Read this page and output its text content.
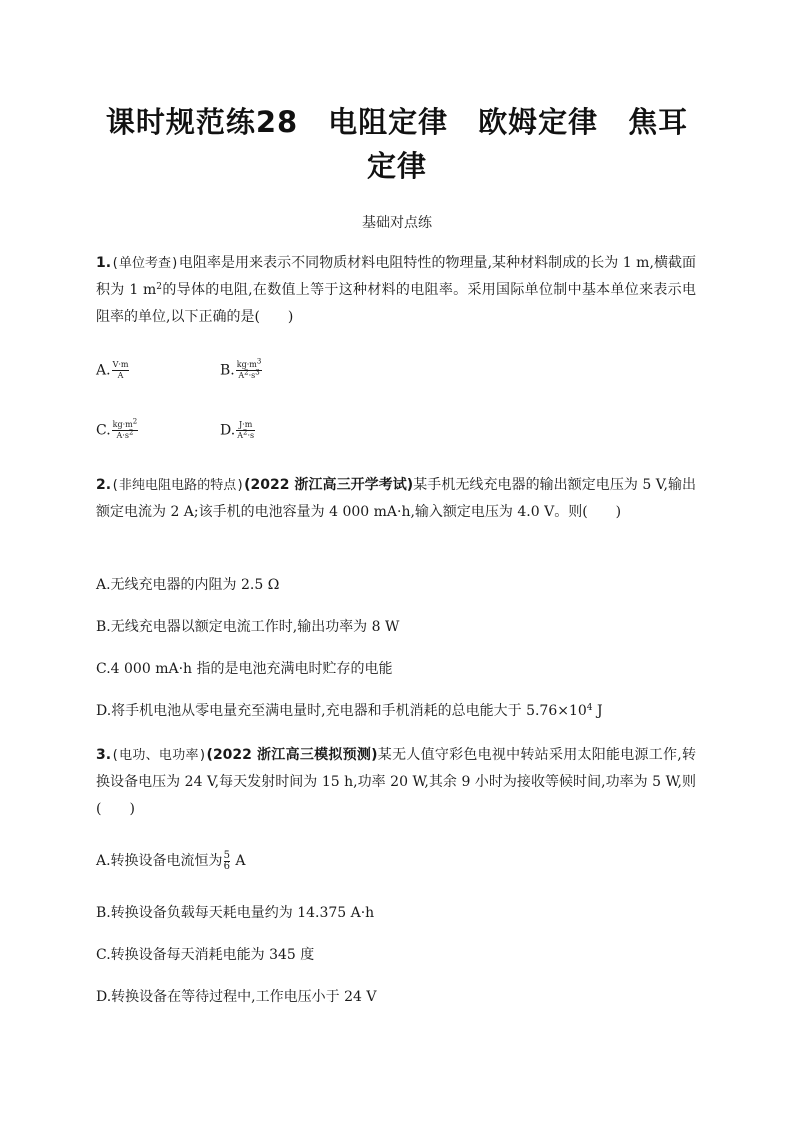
课时规范练28　电阻定律　欧姆定律　焦耳定律
基础对点练
1.(单位考查)电阻率是用来表示不同物质材料电阻特性的物理量,某种材料制成的长为 1 m,横截面积为 1 $m^2$的导体的电阻,在数值上等于这种材料的电阻率。采用国际单位制中基本单位来表示电阻率的单位,以下正确的是(　　)
A. $\frac{V\cdot m}{A}$	B. $\frac{kg\cdot m^3}{A^2\cdot s^3}$
C. $\frac{kg\cdot m^2}{A\cdot s^2}$	D. $\frac{J\cdot m}{A^2\cdot s}$
2.(非纯电阻电路的特点)(2022 浙江高三开学考试)某手机无线充电器的输出额定电压为 5 V,输出额定电流为 2 A;该手机的电池容量为 4 000 mA·h,输入额定电压为 4.0 V。则(　　)
A.无线充电器的内阻为 2.5 Ω
B.无线充电器以额定电流工作时,输出功率为 8 W
C.4 000 mA·h 指的是电池充满电时贮存的电能
D.将手机电池从零电量充至满电量时,充电器和手机消耗的总电能大于 $5.76\times 10^4$ J
3.(电功、电功率)(2022 浙江高三模拟预测)某无人值守彩色电视中转站采用太阳能电源工作,转换设备电压为 24 V,每天发射时间为 15 h,功率 20 W,其余 9 小时为接收等候时间,功率为 5 W,则(　　)
A.转换设备电流恒为 $\frac{5}{6}$ A
B.转换设备负载每天耗电量约为 14.375 A·h
C.转换设备每天消耗电能为 345 度
D.转换设备在等待过程中,工作电压小于 24 V
